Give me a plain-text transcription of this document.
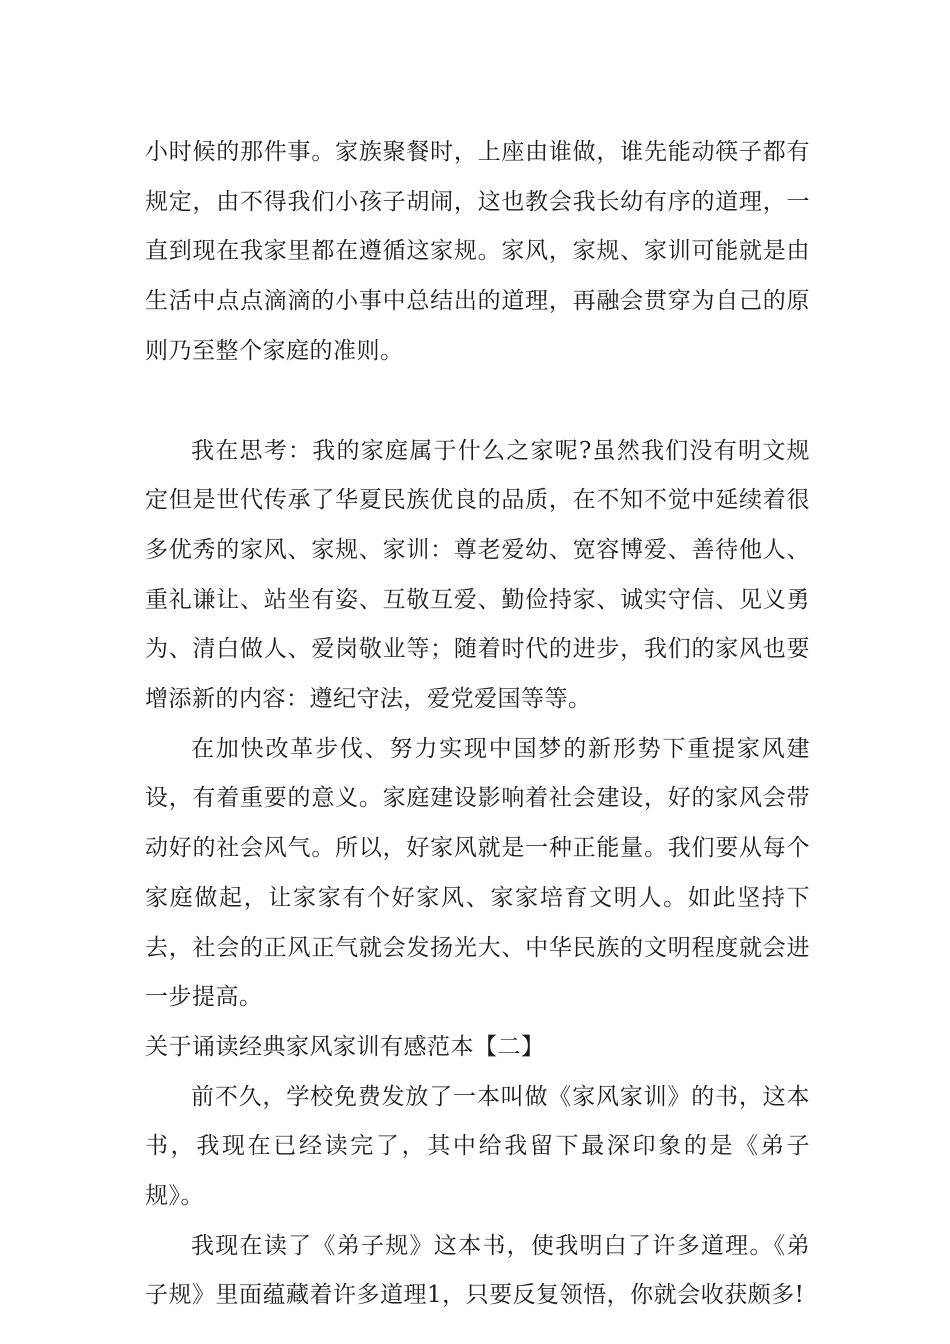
小时候的那件事。家族聚餐时，上座由谁做，谁先能动筷子都有规定，由不得我们小孩子胡闹，这也教会我长幼有序的道理，一直到现在我家里都在遵循这家规。家风，家规、家训可能就是由生活中点点滴滴的小事中总结出的道理，再融会贯穿为自己的原则乃至整个家庭的准则。

我在思考：我的家庭属于什么之家呢?虽然我们没有明文规定但是世代传承了华夏民族优良的品质，在不知不觉中延续着很多优秀的家风、家规、家训：尊老爱幼、宽容博爱、善待他人、重礼谦让、站坐有姿、互敬互爱、勤俭持家、诚实守信、见义勇为、清白做人、爱岗敬业等；随着时代的进步，我们的家风也要增添新的内容：遵纪守法，爱党爱国等等。

在加快改革步伐、努力实现中国梦的新形势下重提家风建设，有着重要的意义。家庭建设影响着社会建设，好的家风会带动好的社会风气。所以，好家风就是一种正能量。我们要从每个家庭做起，让家家有个好家风、家家培育文明人。如此坚持下去，社会的正风正气就会发扬光大、中华民族的文明程度就会进一步提高。

关于诵读经典家风家训有感范本【二】

前不久，学校免费发放了一本叫做《家风家训》的书，这本书，我现在已经读完了，其中给我留下最深印象的是《弟子规》。

我现在读了《弟子规》这本书，使我明白了许多道理。《弟子规》里面蕴藏着许多道理1，只要反复领悟，你就会收获颇多!
